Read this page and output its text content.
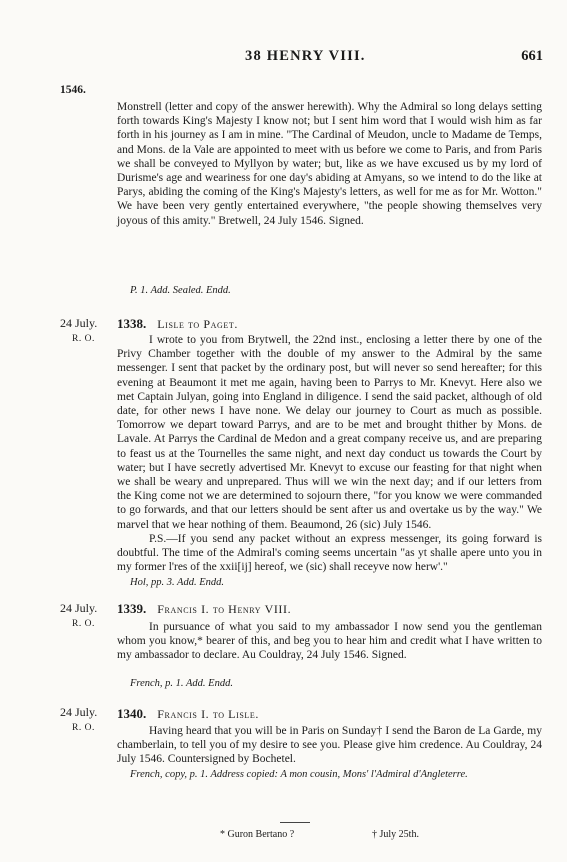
38 HENRY VIII.	661
1546.

Monstrell (letter and copy of the answer herewith). Why the Admiral so long delays setting forth towards King's Majesty I know not; but I sent him word that I would wish him as far forth in his journey as I am in mine. "The Cardinal of Meudon, uncle to Madame de Temps, and Mons. de la Vale are appointed to meet with us before we come to Paris, and from Paris we shall be conveyed to Myllyon by water; but, like as we have excused us by my lord of Durisme's age and weariness for one day's abiding at Amyans, so we intend to do the like at Parys, abiding the coming of the King's Majesty's letters, as well for me as for Mr. Wotton." We have been very gently entertained everywhere, "the people showing themselves very joyous of this amity." Bretwell, 24 July 1546. Signed.

P. 1. Add. Sealed. Endd.

24 July.
R. O.
1338. Lisle to Paget.

I wrote to you from Brytwell, the 22nd inst., enclosing a letter there by one of the Privy Chamber together with the double of my answer to the Admiral by the same messenger. I sent that packet by the ordinary post, but will never so send hereafter; for this evening at Beaumont it met me again, having been to Parrys to Mr. Knevyt. Here also we met Captain Julyan, going into England in diligence. I send the said packet, although of old date, for other news I have none. We delay our journey to Court as much as possible. Tomorrow we depart toward Parrys, and are to be met and brought thither by Mons. de Lavale. At Parrys the Cardinal de Medon and a great company receive us, and are preparing to feast us at the Tournelles the same night, and next day conduct us towards the Court by water; but I have secretly advertised Mr. Knevyt to excuse our feasting for that night when we shall be weary and unprepared. Thus will we win the next day; and if our letters from the King come not we are determined to sojourn there, "for you know we were commanded to go forwards, and that our letters should be sent after us and overtake us by the way." We marvel that we hear nothing of them. Beaumond, 26 (sic) July 1546.

P.S.—If you send any packet without an express messenger, its going forward is doubtful. The time of the Admiral's coming seems uncertain "as yt shalle apere unto you in my former l'res of the xxii[ij] hereof, we (sic) shall receyve now herw'."

Hol, pp. 3. Add. Endd.

24 July.
R. O.
1339. Francis I. to Henry VIII.

In pursuance of what you said to my ambassador I now send you the gentleman whom you know,* bearer of this, and beg you to hear him and credit what I have written to my ambassador to declare. Au Couldray, 24 July 1546. Signed.

French, p. 1. Add. Endd.

24 July.
R. O.
1340. Francis I. to Lisle.

Having heard that you will be in Paris on Sunday† I send the Baron de La Garde, my chamberlain, to tell you of my desire to see you. Please give him credence. Au Couldray, 24 July 1546. Countersigned by Bochetel.

French, copy, p. 1. Address copied: A mon cousin, Mons' l'Admiral d'Angleterre.

* Guron Bertano ?	† July 25th.
